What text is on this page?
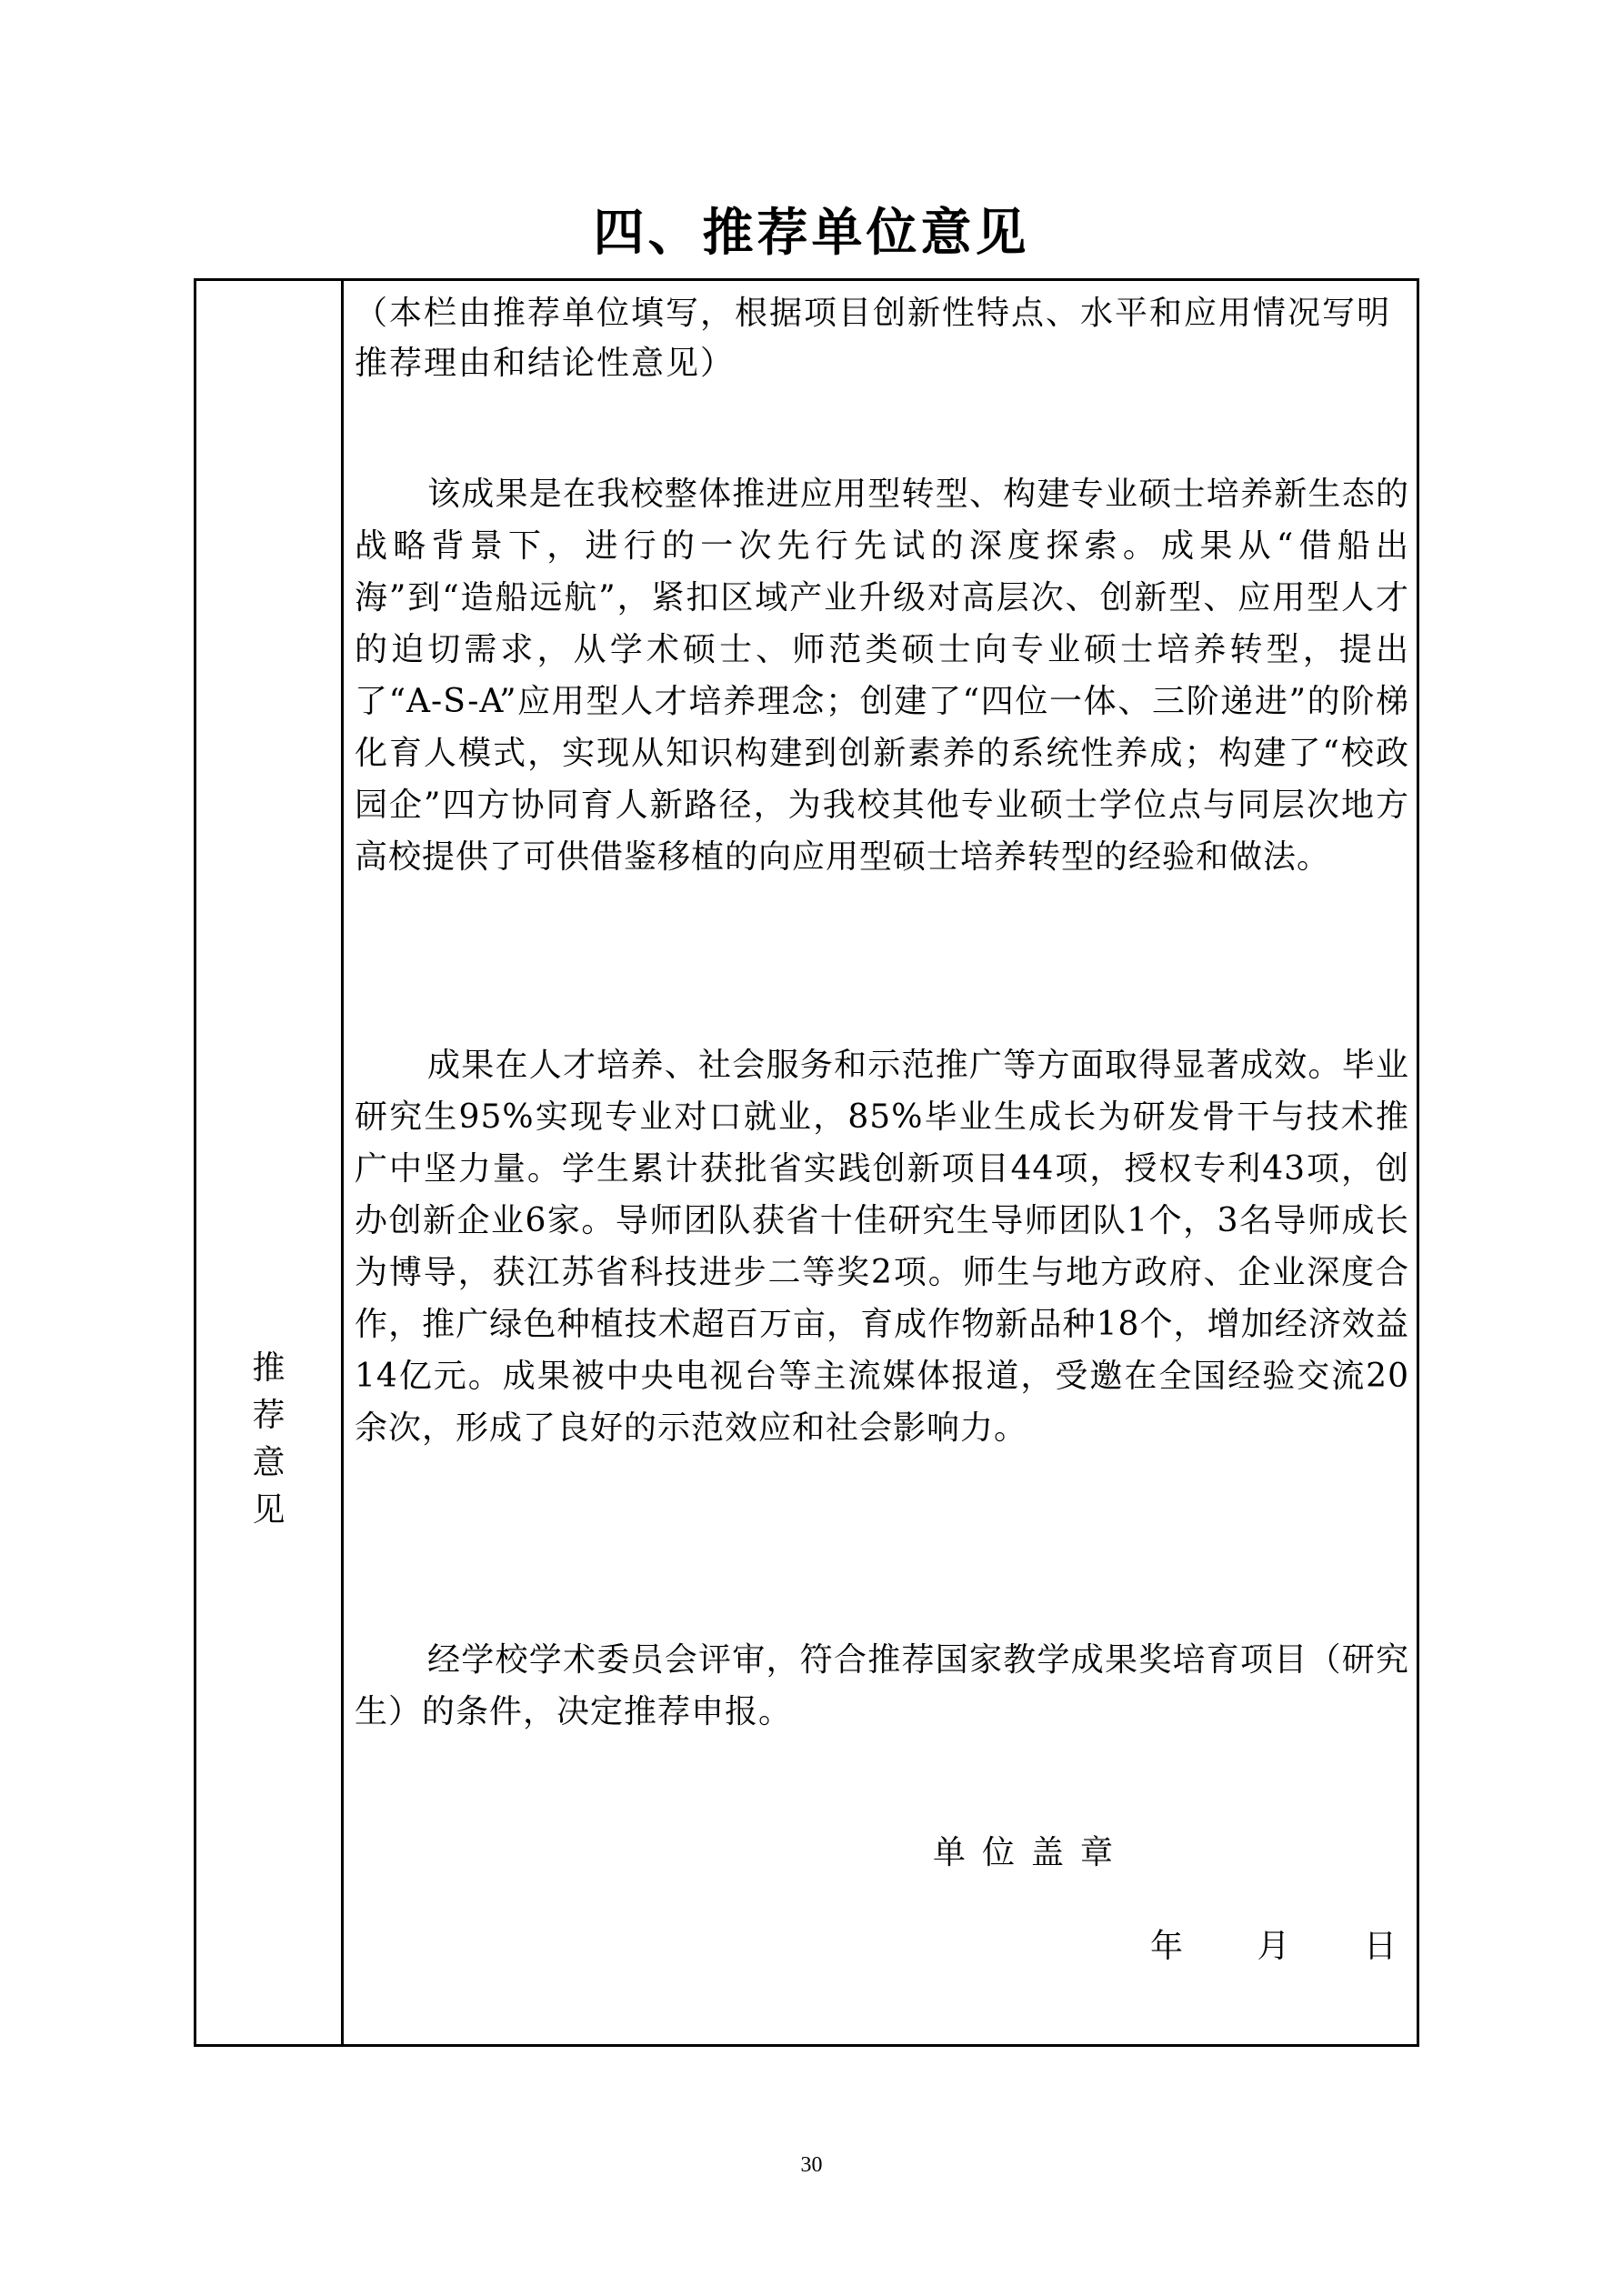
四、推荐单位意见
推
荐
意
见
（本栏由推荐单位填写，根据项目创新性特点、水平和应用情况写明推荐理由和结论性意见）

该成果是在我校整体推进应用型转型、构建专业硕士培养新生态的战略背景下，进行的一次先行先试的深度探索。成果从“借船出海”到“造船远航”，紧扣区域产业升级对高层次、创新型、应用型人才的迫切需求，从学术硕士、师范类硕士向专业硕士培养转型，提出了“A-S-A”应用型人才培养理念；创建了“四位一体、三阶递进”的阶梯化育人模式，实现从知识构建到创新素养的系统性养成；构建了“校政园企”四方协同育人新路径，为我校其他专业硕士学位点与同层次地方高校提供了可供借鉴移植的向应用型硕士培养转型的经验和做法。

成果在人才培养、社会服务和示范推广等方面取得显著成效。毕业研究生95%实现专业对口就业，85%毕业生成长为研发骨干与技术推广中坚力量。学生累计获批省实践创新项目44项，授权专利43项，创办创新企业6家。导师团队获省十佳研究生导师团队1个，3名导师成长为博导，获江苏省科技进步二等奖2项。师生与地方政府、企业深度合作，推广绿色种植技术超百万亩，育成作物新品种18个，增加经济效益14亿元。成果被中央电视台等主流媒体报道，受邀在全国经验交流20余次，形成了良好的示范效应和社会影响力。

经学校学术委员会评审，符合推荐国家教学成果奖培育项目（研究生）的条件，决定推荐申报。

单位盖章
年 月 日
30
